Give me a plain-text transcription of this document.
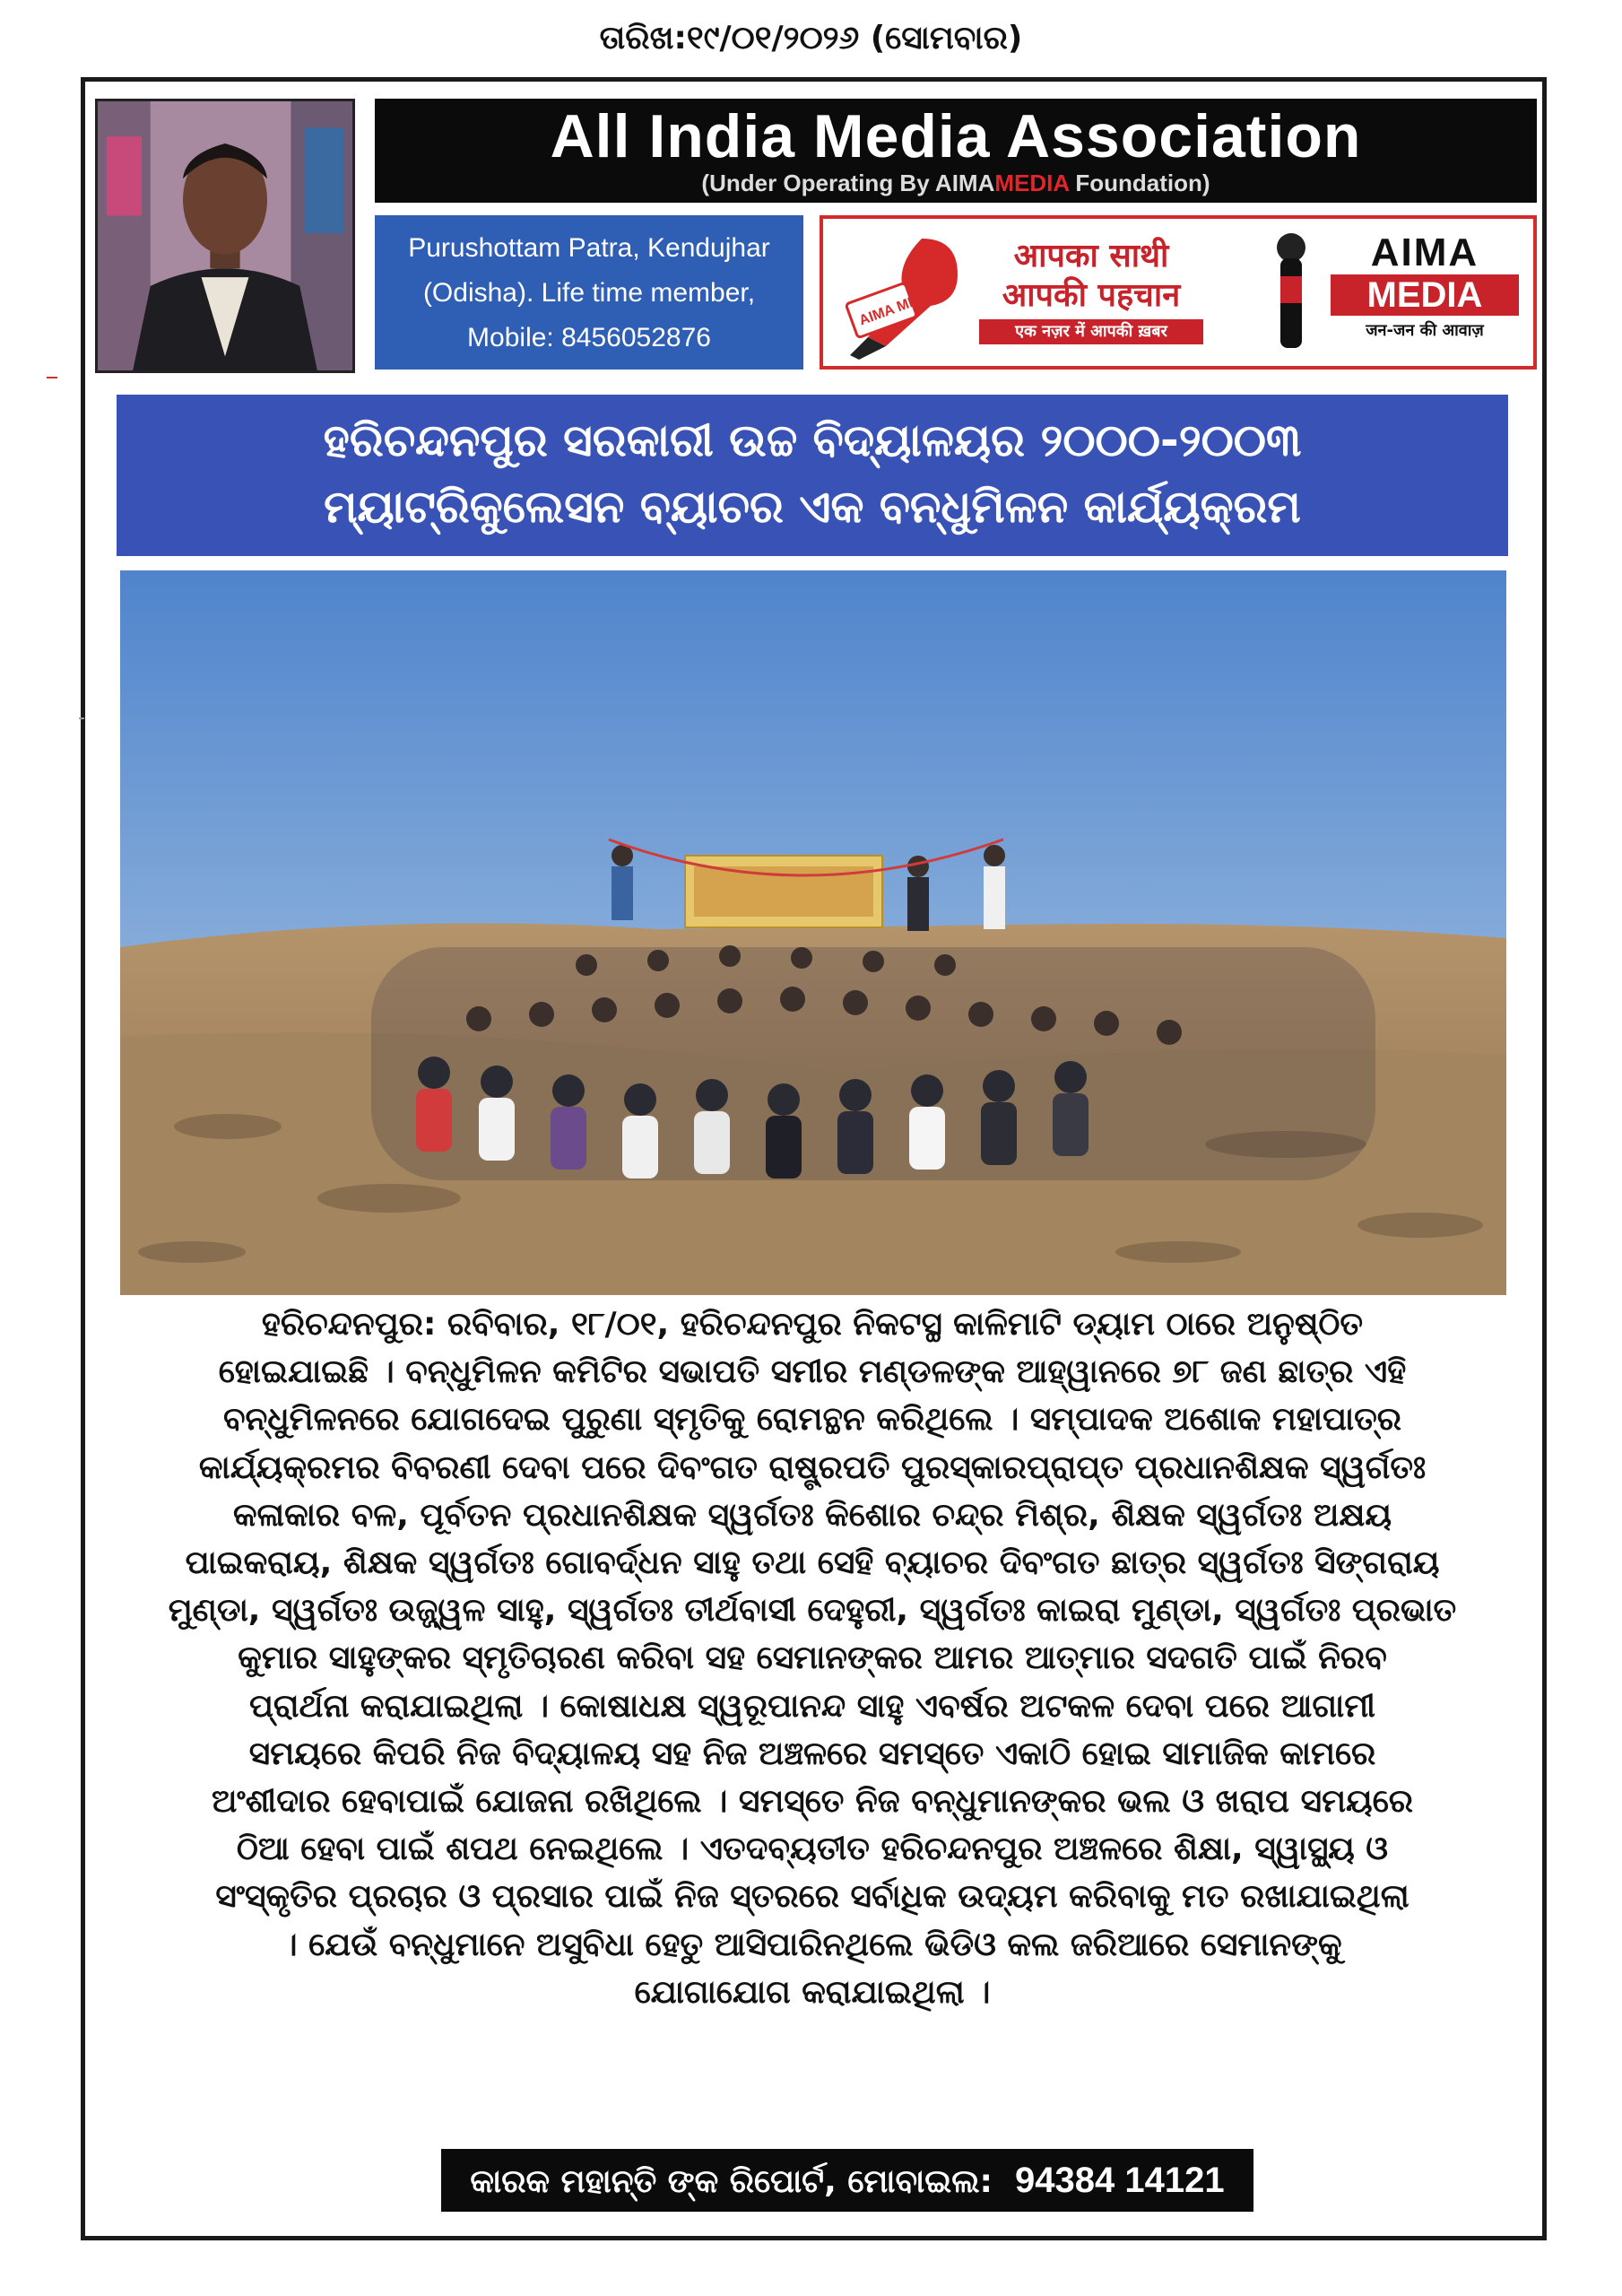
ତାରିଖ:୧୯/୦୧/୨୦୨୬ (ସୋମବାର)
All India Media Association
(Under Operating By AIMAMEDIA Foundation)
Purushottam Patra, Kendujhar
(Odisha). Life time member,
Mobile: 8456052876
AIMA MEDIA
आपका साथी
आपकी पहचान
एक नज़र में आपकी ख़बर
AIMA
MEDIA
जन-जन की आवाज़
ହରିଚନ୍ଦନପୁର ସରକାରୀ ଉଚ୍ଚ ବିଦ୍ୟାଳୟର ୨୦୦୦-୨୦୦୩
ମ୍ୟାଟ୍ରିକୁଲେସନ ବ୍ୟାଚର ଏକ ବନ୍ଧୁମିଳନ କାର୍ଯ୍ୟକ୍ରମ
ହରିଚନ୍ଦନପୁର: ରବିବାର, ୧୮/୦୧, ହରିଚନ୍ଦନପୁର ନିକଟସ୍ଥ କାଳିମାଟି ଡ୍ୟାମ ଠାରେ ଅନୁଷ୍ଠିତ
ହୋଇଯାଇଛି । ବନ୍ଧୁମିଳନ କମିଟିର ସଭାପତି ସମୀର ମଣ୍ଡଳଙ୍କ ଆହ୍ୱାନରେ ୭୮ ଜଣ ଛାତ୍ର ଏହି
ବନ୍ଧୁମିଳନରେ ଯୋଗଦେଇ ପୁରୁଣା ସ୍ମୃତିକୁ ରୋମନ୍ଥନ କରିଥିଲେ । ସମ୍ପାଦକ ଅଶୋକ ମହାପାତ୍ର
କାର୍ଯ୍ୟକ୍ରମର ବିବରଣୀ ଦେବା ପରେ ଦିବଂଗତ ରାଷ୍ଟ୍ରପତି ପୁରସ୍କାରପ୍ରାପ୍ତ ପ୍ରଧାନଶିକ୍ଷକ ସ୍ୱର୍ଗତଃ
କଳାକାର ବଳ, ପୂର୍ବତନ ପ୍ରଧାନଶିକ୍ଷକ ସ୍ୱର୍ଗତଃ କିଶୋର ଚନ୍ଦ୍ର ମିଶ୍ର, ଶିକ୍ଷକ ସ୍ୱର୍ଗତଃ ଅକ୍ଷୟ
ପାଇକରାୟ, ଶିକ୍ଷକ ସ୍ୱର୍ଗତଃ ଗୋବର୍ଦ୍ଧନ ସାହୁ ତଥା ସେହି ବ୍ୟାଚର ଦିବଂଗତ ଛାତ୍ର ସ୍ୱର୍ଗତଃ ସିଙ୍ଗରାୟ
ମୁଣ୍ଡା, ସ୍ୱର୍ଗତଃ ଉଜ୍ଜ୍ୱଳ ସାହୁ, ସ୍ୱର୍ଗତଃ ତୀର୍ଥବାସୀ ଦେହୁରୀ, ସ୍ୱର୍ଗତଃ କାଇରା ମୁଣ୍ଡା, ସ୍ୱର୍ଗତଃ ପ୍ରଭାତ
କୁମାର ସାହୁଙ୍କର ସ୍ମୃତିଚାରଣ କରିବା ସହ ସେମାନଙ୍କର ଆମର ଆତ୍ମାର ସଦଗତି ପାଇଁ ନିରବ
ପ୍ରାର୍ଥନା କରାଯାଇଥିଲା । କୋଷାଧକ୍ଷ ସ୍ୱରୂପାନନ୍ଦ ସାହୁ ଏବର୍ଷର ଅଟକଳ ଦେବା ପରେ ଆଗାମୀ
ସମୟରେ କିପରି ନିଜ ବିଦ୍ୟାଳୟ ସହ ନିଜ ଅଞ୍ଚଳରେ ସମସ୍ତେ ଏକାଠି ହୋଇ ସାମାଜିକ କାମରେ
ଅଂଶୀଦାର ହେବାପାଇଁ ଯୋଜନା ରଖିଥିଲେ । ସମସ୍ତେ ନିଜ ବନ୍ଧୁମାନଙ୍କର ଭଲ ଓ ଖରାପ ସମୟରେ
ଠିଆ ହେବା ପାଇଁ ଶପଥ ନେଇଥିଲେ । ଏତଦବ୍ୟତୀତ ହରିଚନ୍ଦନପୁର ଅଞ୍ଚଳରେ ଶିକ୍ଷା, ସ୍ୱାସ୍ଥ୍ୟ ଓ
ସଂସ୍କୃତିର ପ୍ରଚାର ଓ ପ୍ରସାର ପାଇଁ ନିଜ ସ୍ତରରେ ସର୍ବାଧିକ ଉଦ୍ୟମ କରିବାକୁ ମତ ରଖାଯାଇଥିଲା
। ଯେଉଁ ବନ୍ଧୁମାନେ ଅସୁବିଧା ହେତୁ ଆସିପାରିନଥିଲେ ଭିଡିଓ କଲ ଜରିଆରେ ସେମାନଙ୍କୁ
ଯୋଗାଯୋଗ କରାଯାଇଥିଲା ।
କାରକ ମହାନ୍ତି ଙ୍କ ରିପୋର୍ଟ, ମୋବାଇଲ: 94384 14121
